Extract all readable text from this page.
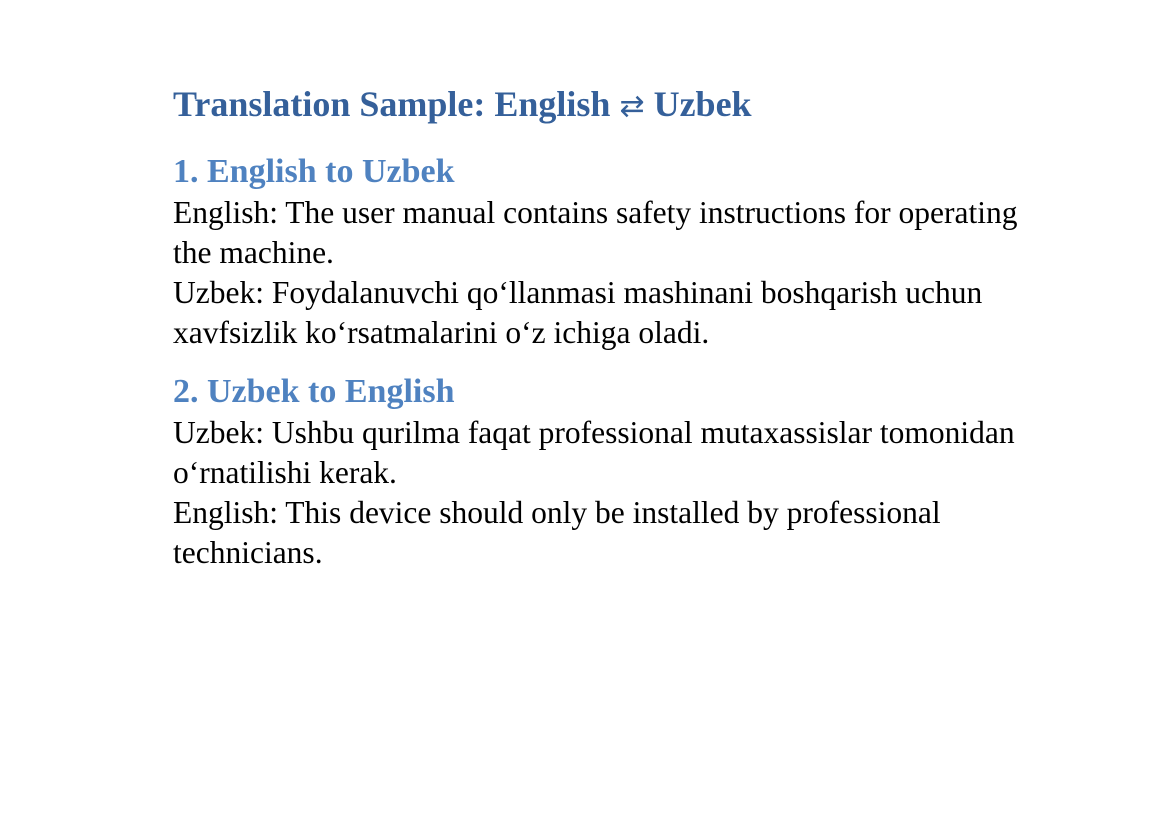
Translation Sample: English ⇄ Uzbek
1. English to Uzbek

English: The user manual contains safety instructions for operating the machine.

Uzbek: Foydalanuvchi qo‘llanmasi mashinani boshqarish uchun xavfsizlik ko‘rsatmalarini o‘z ichiga oladi.

2. Uzbek to English

Uzbek: Ushbu qurilma faqat professional mutaxassislar tomonidan o‘rnatilishi kerak.

English: This device should only be installed by professional technicians.
